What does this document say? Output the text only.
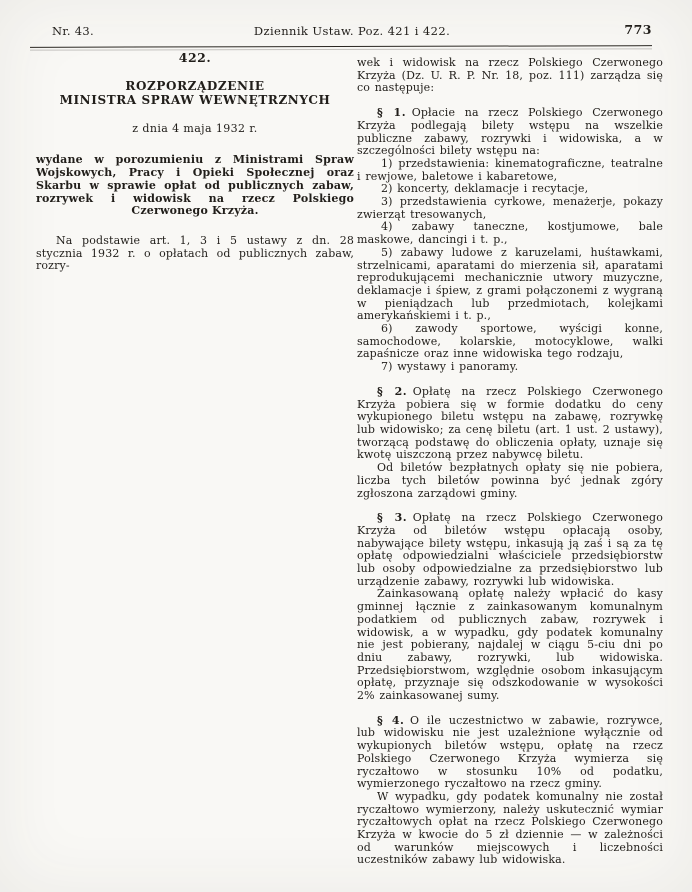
Nr. 43.	Dziennik Ustaw. Poz. 421 i 422.	773

422.

ROZPORZĄDZENIE
MINISTRA SPRAW WEWNĘTRZNYCH

z dnia 4 maja 1932 r.

wydane w porozumieniu z Ministrami Spraw Wojskowych, Pracy i Opieki Społecznej oraz Skarbu w sprawie opłat od publicznych zabaw, rozrywek i widowisk na rzecz Polskiego Czerwonego Krzyża.

Na podstawie art. 1, 3 i 5 ustawy z dn. 28 stycznia 1932 r. o opłatach od publicznych zabaw, rozry-

wek i widowisk na rzecz Polskiego Czerwonego Krzyża (Dz. U. R. P. Nr. 18, poz. 111) zarządza się co następuje:

§ 1.  Opłacie na rzecz Polskiego Czerwonego Krzyża podlegają bilety wstępu na wszelkie publiczne zabawy, rozrywki i widowiska, a w szczególności bilety wstępu na:

1) przedstawienia: kinematograficzne, teatralne i rewjowe, baletowe i kabaretowe,

2) koncerty, deklamacje i recytacje,

3) przedstawienia cyrkowe, menażerje, pokazy zwierząt tresowanych,

4) zabawy taneczne, kostjumowe, bale maskowe, dancingi i t. p.,

5) zabawy ludowe z karuzelami, huśtawkami, strzelnicami, aparatami do mierzenia sił, aparatami reprodukującemi mechanicznie utwory muzyczne, deklamacje i śpiew, z grami połączonemi z wygraną w pieniądzach lub przedmiotach, kolejkami amerykańskiemi i t. p.,

6) zawody sportowe, wyścigi konne, samochodowe, kolarskie, motocyklowe, walki zapaśnicze oraz inne widowiska tego rodzaju,

7) wystawy i panoramy.

§ 2.  Opłatę na rzecz Polskiego Czerwonego Krzyża pobiera się w formie dodatku do ceny wykupionego biletu wstępu na zabawę, rozrywkę lub widowisko; za cenę biletu (art. 1 ust. 2 ustawy), tworzącą podstawę do obliczenia opłaty, uznaje się kwotę uiszczoną przez nabywcę biletu.

Od biletów bezpłatnych opłaty się nie pobiera, liczba tych biletów powinna być jednak zgóry zgłoszona zarządowi gminy.

§ 3.  Opłatę na rzecz Polskiego Czerwonego Krzyża od biletów wstępu opłacają osoby, nabywające bilety wstępu, inkasują ją zaś i są za tę opłatę odpowiedzialni właściciele przedsiębiorstw lub osoby odpowiedzialne za przedsiębiorstwo lub urządzenie zabawy, rozrywki lub widowiska.

Zainkasowaną opłatę należy wpłacić do kasy gminnej łącznie z zainkasowanym komunalnym podatkiem od publicznych zabaw, rozrywek i widowisk, a w wypadku, gdy podatek komunalny nie jest pobierany, najdalej w ciągu 5-ciu dni po dniu zabawy, rozrywki, lub widowiska. Przedsiębiorstwom, względnie osobom inkasującym opłatę, przyznaje się odszkodowanie w wysokości 2% zainkasowanej sumy.

§ 4.  O ile uczestnictwo w zabawie, rozrywce, lub widowisku nie jest uzależnione wyłącznie od wykupionych biletów wstępu, opłatę na rzecz Polskiego Czerwonego Krzyża wymierza się ryczałtowo w stosunku 10% od podatku, wymierzonego ryczałtowo na rzecz gminy.

W wypadku, gdy podatek komunalny nie został ryczałtowo wymierzony, należy uskutecznić wymiar ryczałtowych opłat na rzecz Polskiego Czerwonego Krzyża w kwocie do 5 zł dziennie — w zależności od warunków miejscowych i liczebności uczestników zabawy lub widowiska.
